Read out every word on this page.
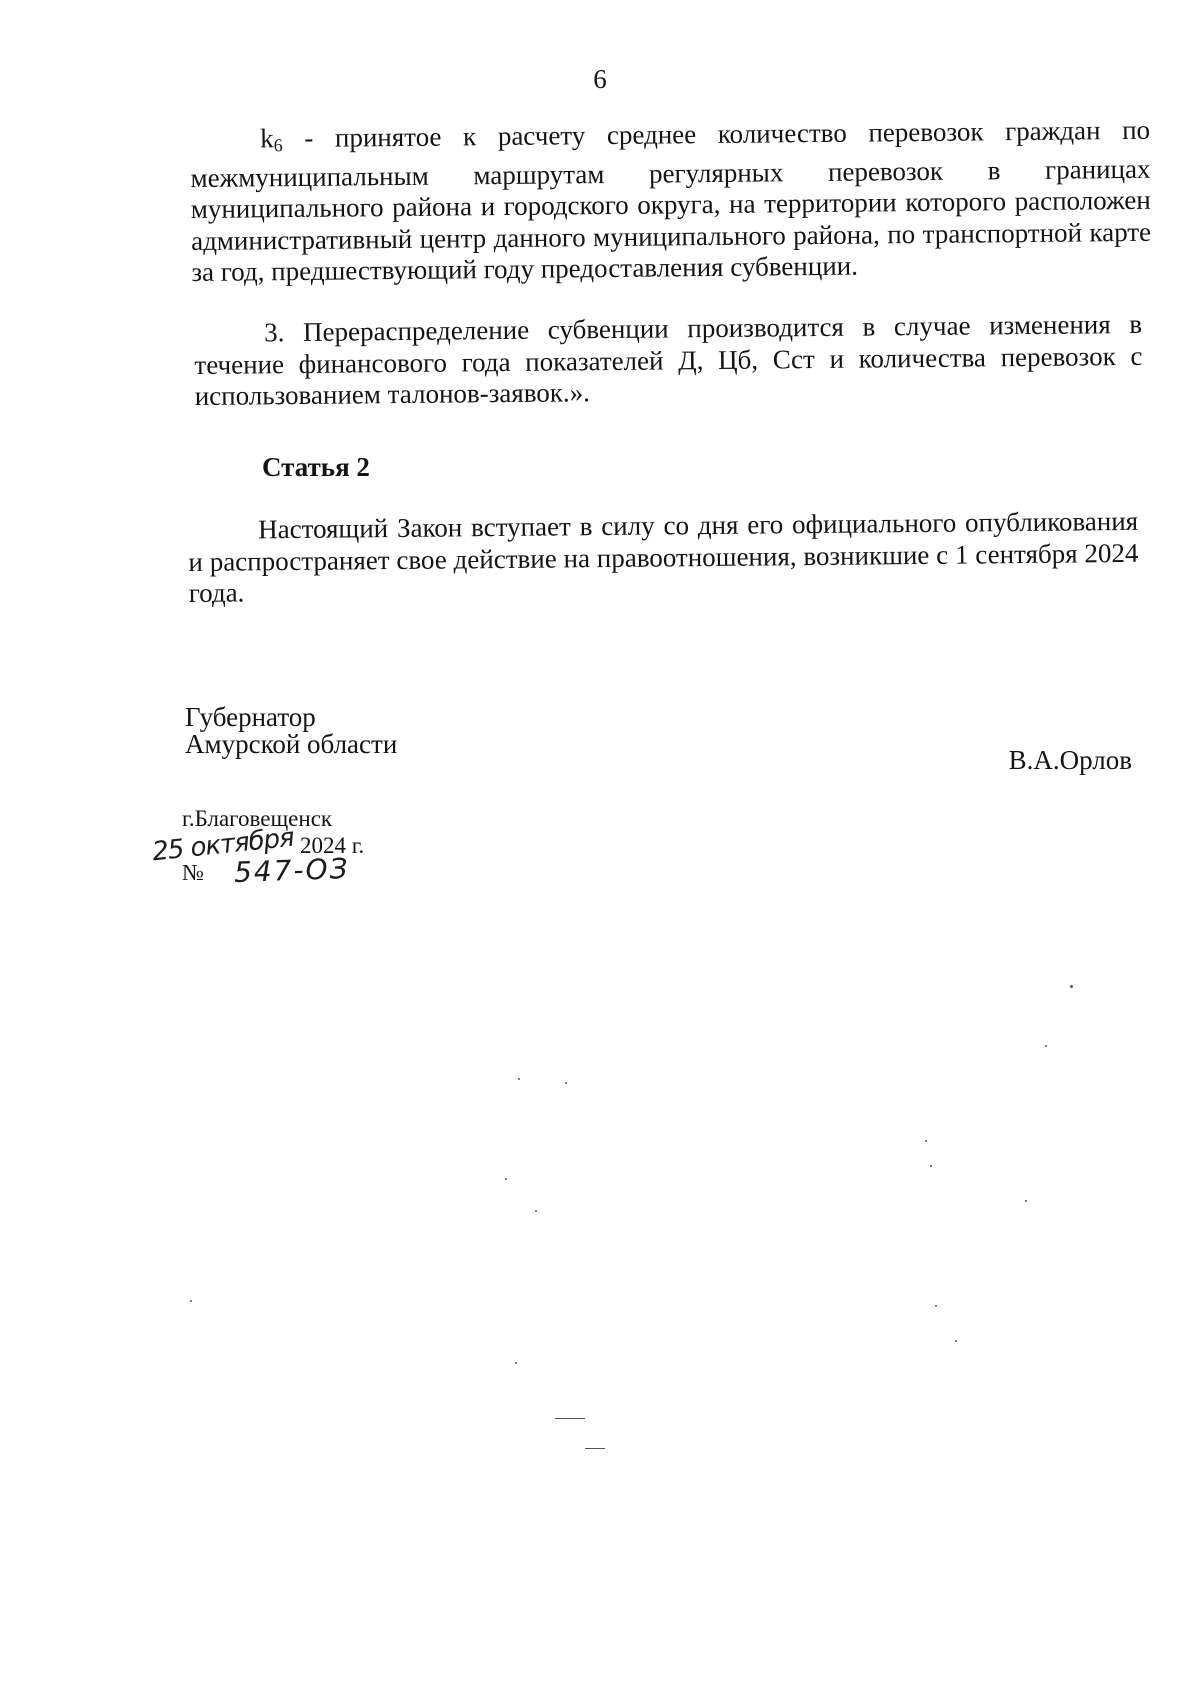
6

k6 - принятое к расчету среднее количество перевозок граждан по межмуниципальным маршрутам регулярных перевозок в границах муниципального района и городского округа, на территории которого расположен административный центр данного муниципального района, по транспортной карте за год, предшествующий году предоставления субвенции.

3. Перераспределение субвенции производится в случае изменения в течение финансового года показателей Д, Цб, Сст и количества перевозок с использованием талонов-заявок.».

Статья 2

Настоящий Закон вступает в силу со дня его официального опубликования и распространяет свое действие на правоотношения, возникшие с 1 сентября 2024 года.

Губернатор
Амурской области
В.А.Орлов
г.Благовещенск
25 октября 2024 г.
№ 547-ОЗ
